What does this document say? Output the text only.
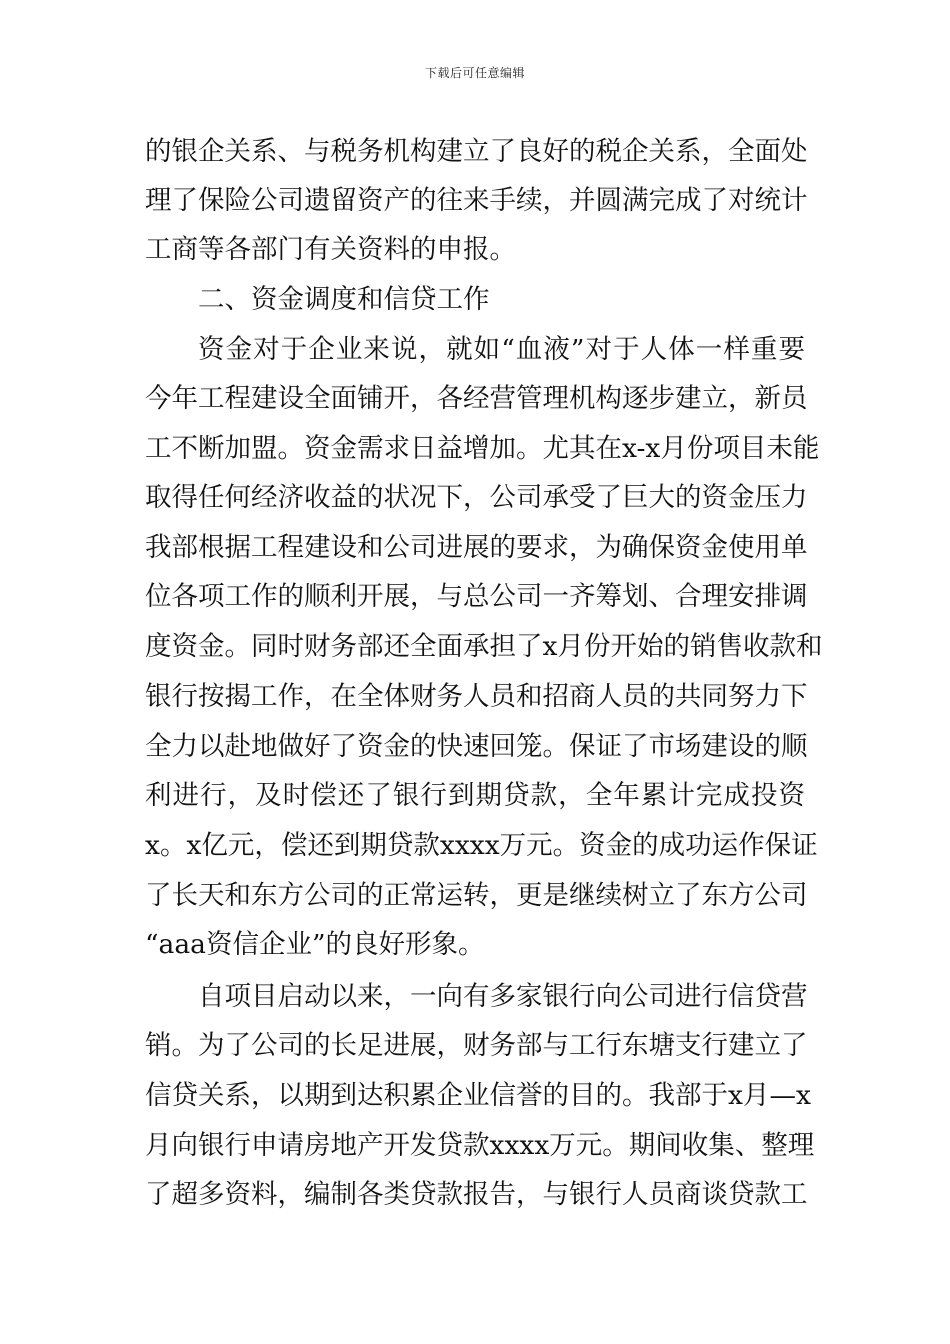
下载后可任意编辑
的银企关系、与税务机构建立了良好的税企关系，全面处
理了保险公司遗留资产的往来手续，并圆满完成了对统计
工商等各部门有关资料的申报。
二、资金调度和信贷工作
资金对于企业来说，就如“血液”对于人体一样重要
今年工程建设全面铺开，各经营管理机构逐步建立，新员
工不断加盟。资金需求日益增加。尤其在x-x月份项目未能
取得任何经济收益的状况下，公司承受了巨大的资金压力
我部根据工程建设和公司进展的要求，为确保资金使用单
位各项工作的顺利开展，与总公司一齐筹划、合理安排调
度资金。同时财务部还全面承担了x月份开始的销售收款和
银行按揭工作，在全体财务人员和招商人员的共同努力下
全力以赴地做好了资金的快速回笼。保证了市场建设的顺
利进行，及时偿还了银行到期贷款，全年累计完成投资
x。x亿元，偿还到期贷款xxxx万元。资金的成功运作保证
了长天和东方公司的正常运转，更是继续树立了东方公司
“aaa资信企业”的良好形象。
自项目启动以来，一向有多家银行向公司进行信贷营
销。为了公司的长足进展，财务部与工行东塘支行建立了
信贷关系，以期到达积累企业信誉的目的。我部于x月—x
月向银行申请房地产开发贷款xxxx万元。期间收集、整理
了超多资料，编制各类贷款报告，与银行人员商谈贷款工
